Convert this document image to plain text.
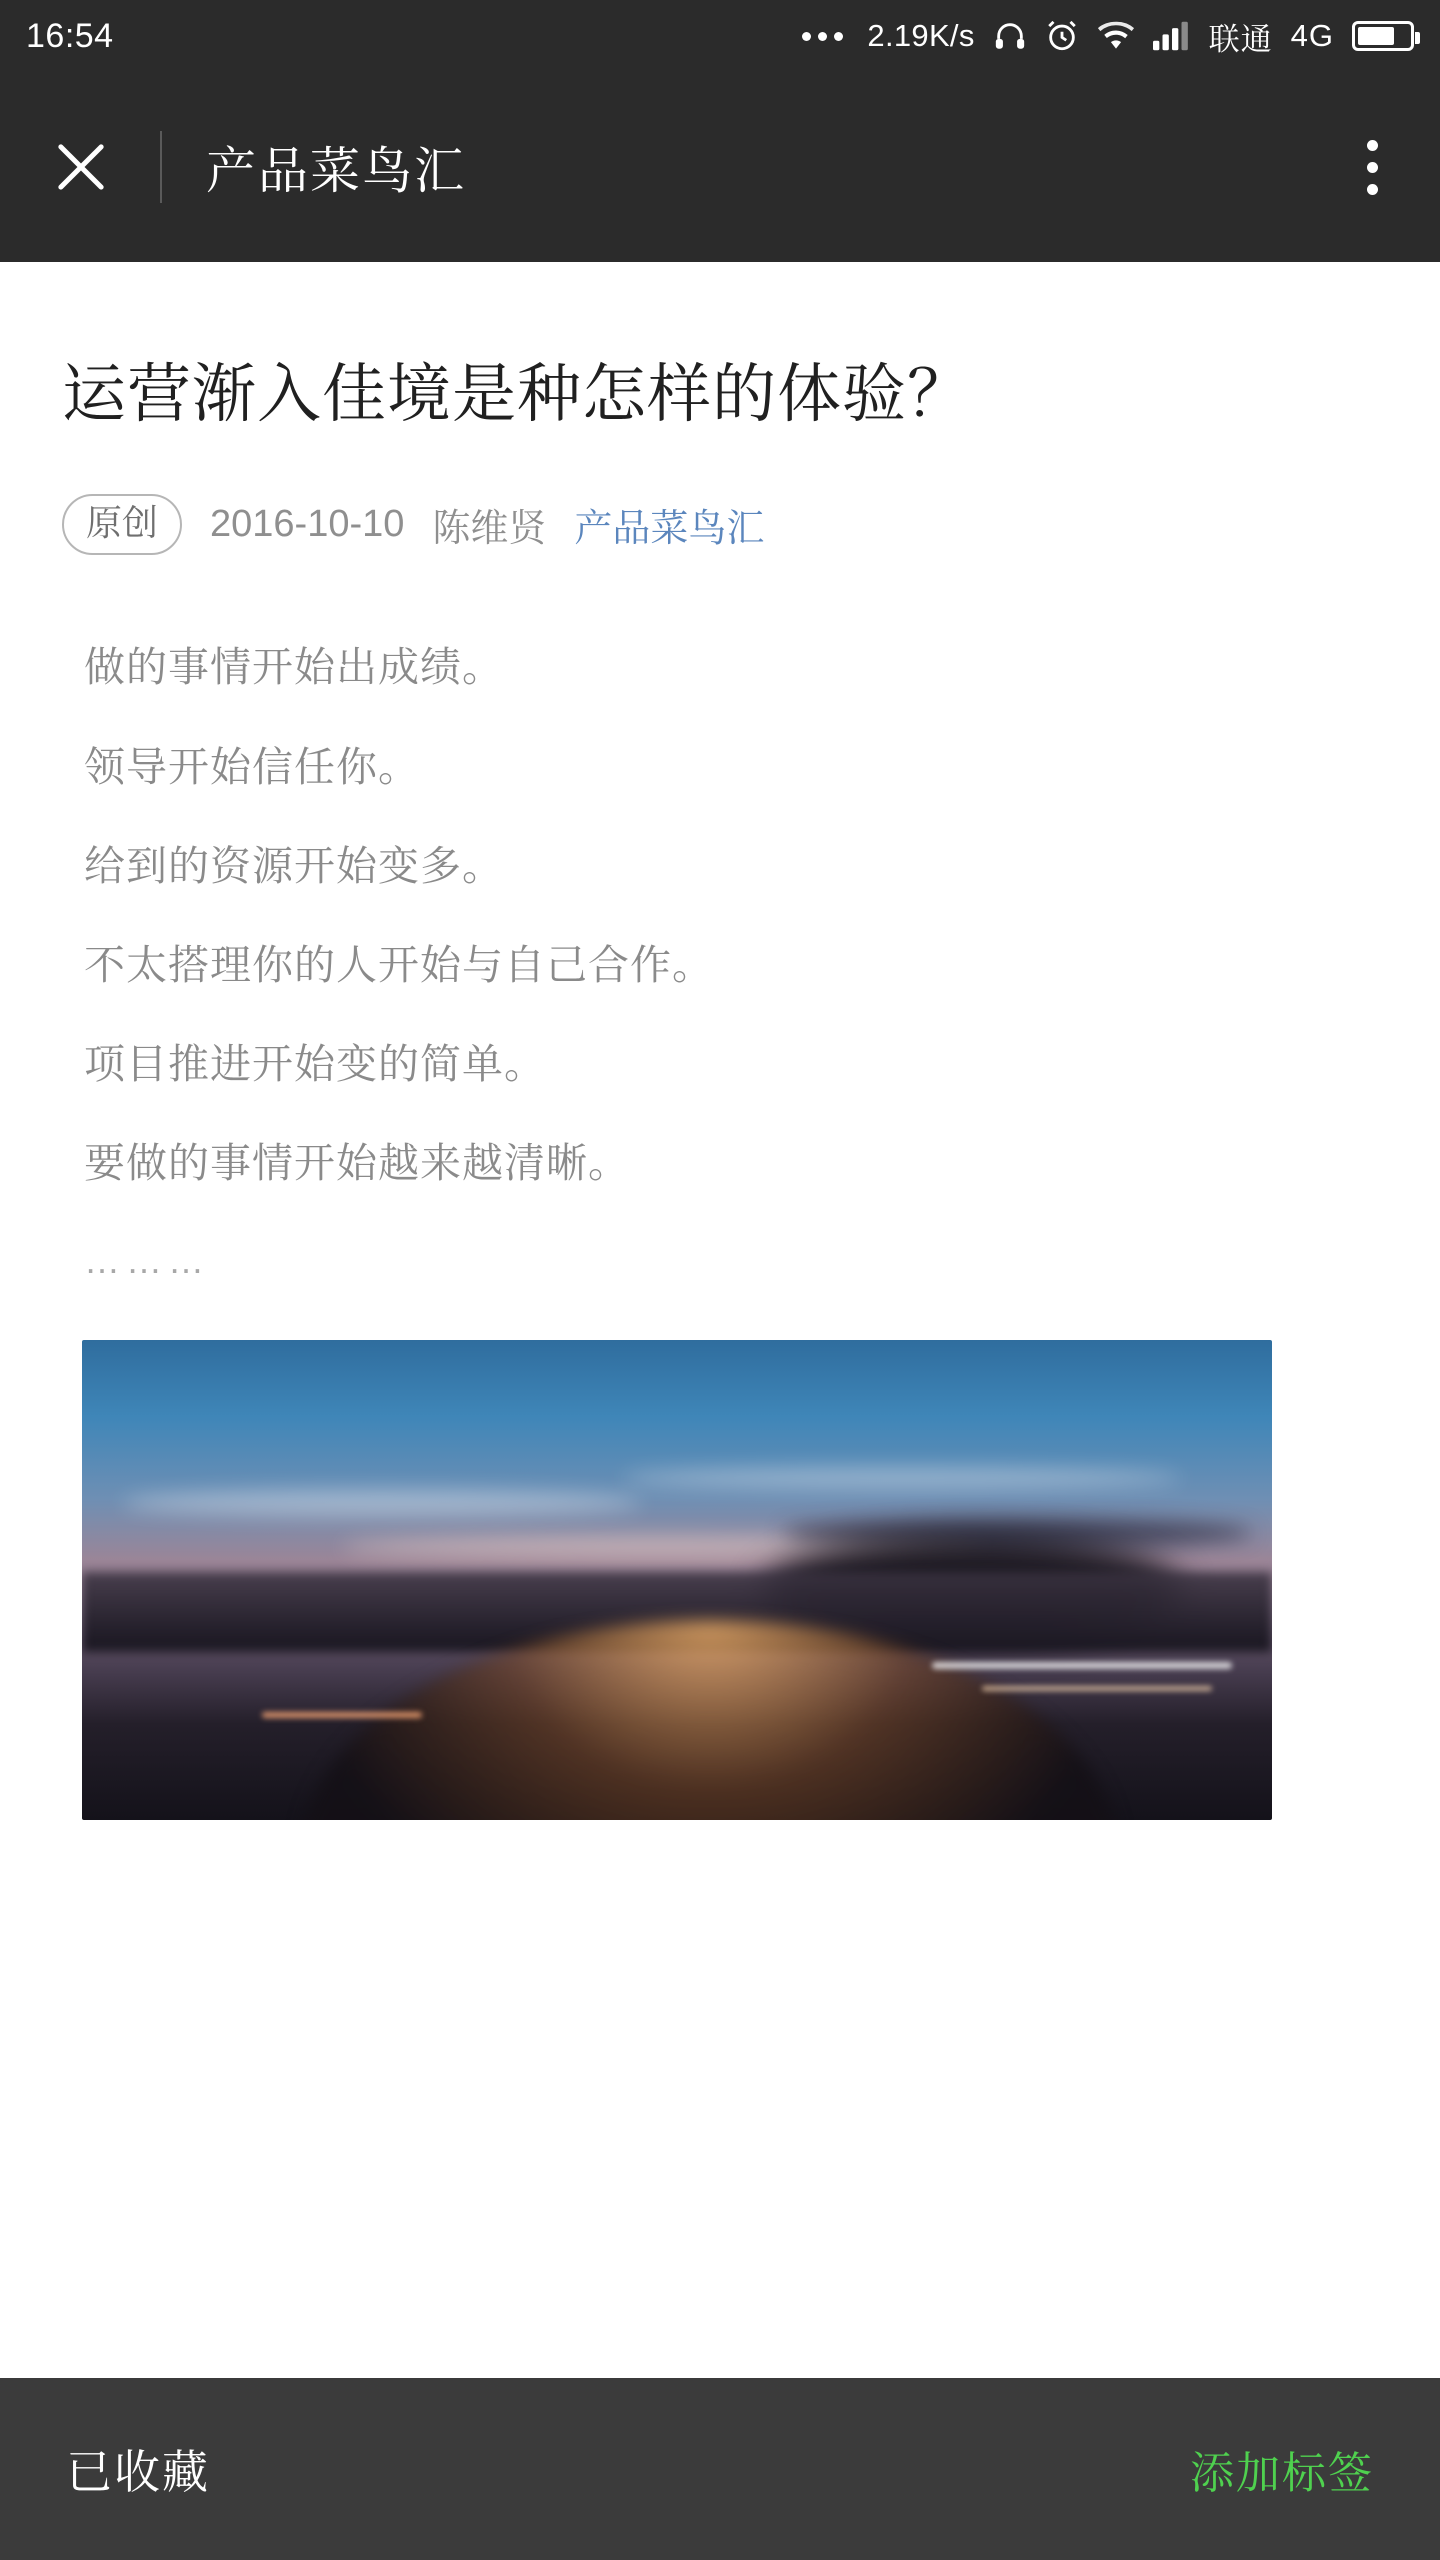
16:54	2.19K/s	联通 4G
产品菜鸟汇
运营渐入佳境是种怎样的体验？
原创	2016-10-10 陈维贤 产品菜鸟汇

做的事情开始出成绩。

领导开始信任你。

给到的资源开始变多。

不太搭理你的人开始与自己合作。

项目推进开始变的简单。

要做的事情开始越来越清晰。

………

已收藏	添加标签
